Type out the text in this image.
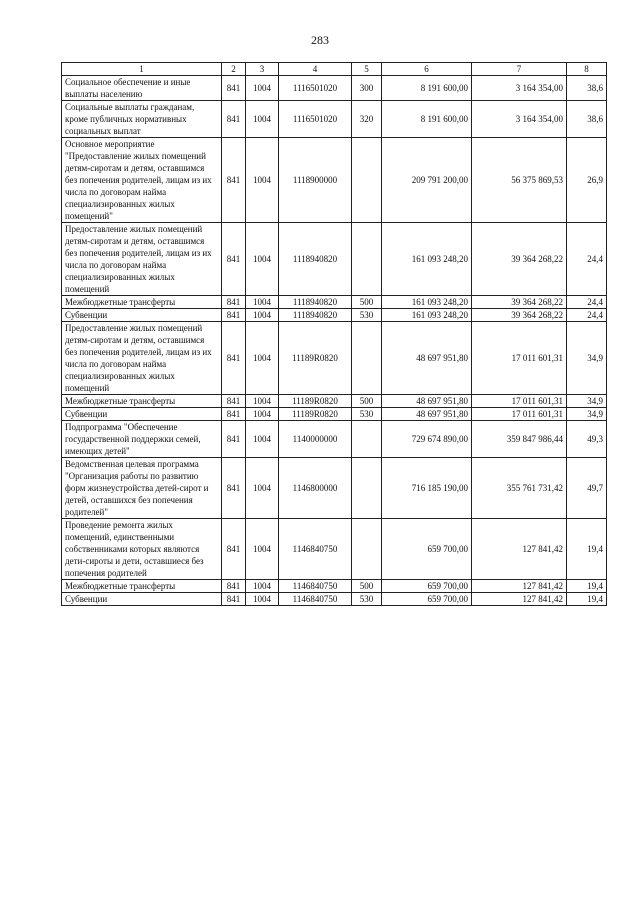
283
1	2	3	4	5	6	7	8
Социальное обеспечение и иные выплаты населению	841	1004	1116501020	300	8 191 600,00	3 164 354,00	38,6
Социальные выплаты гражданам, кроме публичных нормативных социальных выплат	841	1004	1116501020	320	8 191 600,00	3 164 354,00	38,6
Основное мероприятие "Предоставление жилых помещений детям-сиротам и детям, оставшимся без попечения родителей, лицам из их числа по договорам найма специализированных жилых помещений"	841	1004	1118900000		209 791 200,00	56 375 869,53	26,9
Предоставление жилых помещений детям-сиротам и детям, оставшимся без попечения родителей, лицам из их числа по договорам найма специализированных жилых помещений	841	1004	1118940820		161 093 248,20	39 364 268,22	24,4
Межбюджетные трансферты	841	1004	1118940820	500	161 093 248,20	39 364 268,22	24,4
Субвенции	841	1004	1118940820	530	161 093 248,20	39 364 268,22	24,4
Предоставление жилых помещений детям-сиротам и детям, оставшимся без попечения родителей, лицам из их числа по договорам найма специализированных жилых помещений	841	1004	11189R0820		48 697 951,80	17 011 601,31	34,9
Межбюджетные трансферты	841	1004	11189R0820	500	48 697 951,80	17 011 601,31	34,9
Субвенции	841	1004	11189R0820	530	48 697 951,80	17 011 601,31	34,9
Подпрограмма "Обеспечение государственной поддержки семей, имеющих детей"	841	1004	1140000000		729 674 890,00	359 847 986,44	49,3
Ведомственная целевая программа "Организация работы по развитию форм жизнеустройства детей-сирот и детей, оставшихся без попечения родителей"	841	1004	1146800000		716 185 190,00	355 761 731,42	49,7
Проведение ремонта жилых помещений, единственными собственниками которых являются дети-сироты и дети, оставшиеся без попечения родителей	841	1004	1146840750		659 700,00	127 841,42	19,4
Межбюджетные трансферты	841	1004	1146840750	500	659 700,00	127 841,42	19,4
Субвенции	841	1004	1146840750	530	659 700,00	127 841,42	19,4
